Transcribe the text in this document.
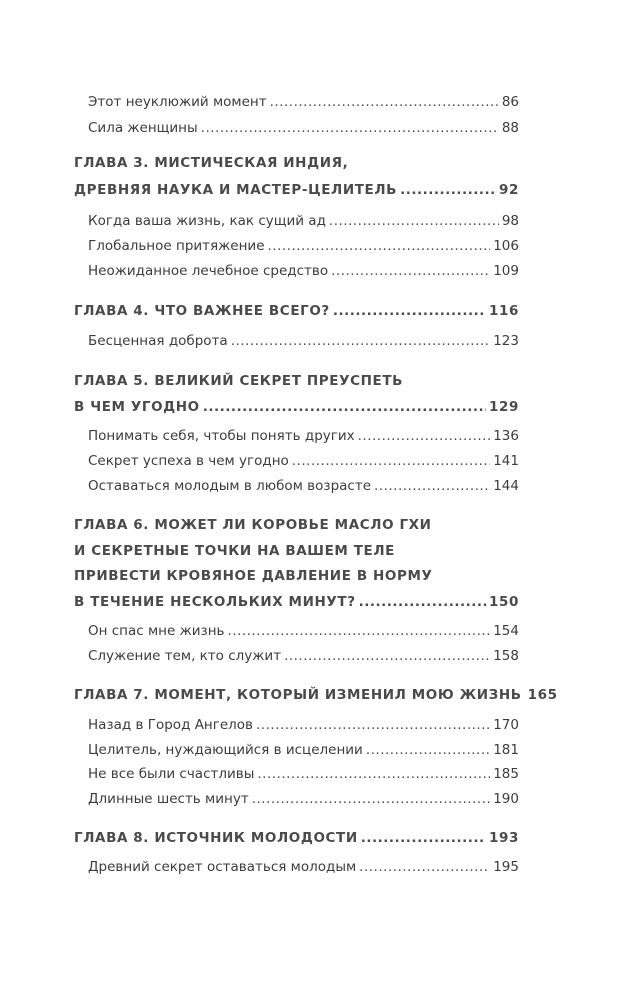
Этот неуклюжий момент .....	86
Сила женщины .....	88
ГЛАВА 3. МИСТИЧЕСКАЯ ИНДИЯ,
ДРЕВНЯЯ НАУКА И МАСТЕР-ЦЕЛИТЕЛЬ .....	92
Когда ваша жизнь, как сущий ад .....	98
Глобальное притяжение .....	106
Неожиданное лечебное средство .....	109
ГЛАВА 4. ЧТО ВАЖНЕЕ ВСЕГО? .....	116
Бесценная доброта .....	123
ГЛАВА 5. ВЕЛИКИЙ СЕКРЕТ ПРЕУСПЕТЬ
В ЧЕМ УГОДНО .....	129
Понимать себя, чтобы понять других .....	136
Секрет успеха в чем угодно .....	141
Оставаться молодым в любом возрасте .....	144
ГЛАВА 6. МОЖЕТ ЛИ КОРОВЬЕ МАСЛО ГХИ
И СЕКРЕТНЫЕ ТОЧКИ НА ВАШЕМ ТЕЛЕ
ПРИВЕСТИ КРОВЯНОЕ ДАВЛЕНИЕ В НОРМУ
В ТЕЧЕНИЕ НЕСКОЛЬКИХ МИНУТ? .....	150
Он спас мне жизнь .....	154
Служение тем, кто служит .....	158
ГЛАВА 7. МОМЕНТ, КОТОРЫЙ ИЗМЕНИЛ МОЮ ЖИЗНЬ 165
Назад в Город Ангелов .....	170
Целитель, нуждающийся в исцелении .....	181
Не все были счастливы .....	185
Длинные шесть минут .....	190
ГЛАВА 8. ИСТОЧНИК МОЛОДОСТИ .....	193
Древний секрет оставаться молодым .....	195
